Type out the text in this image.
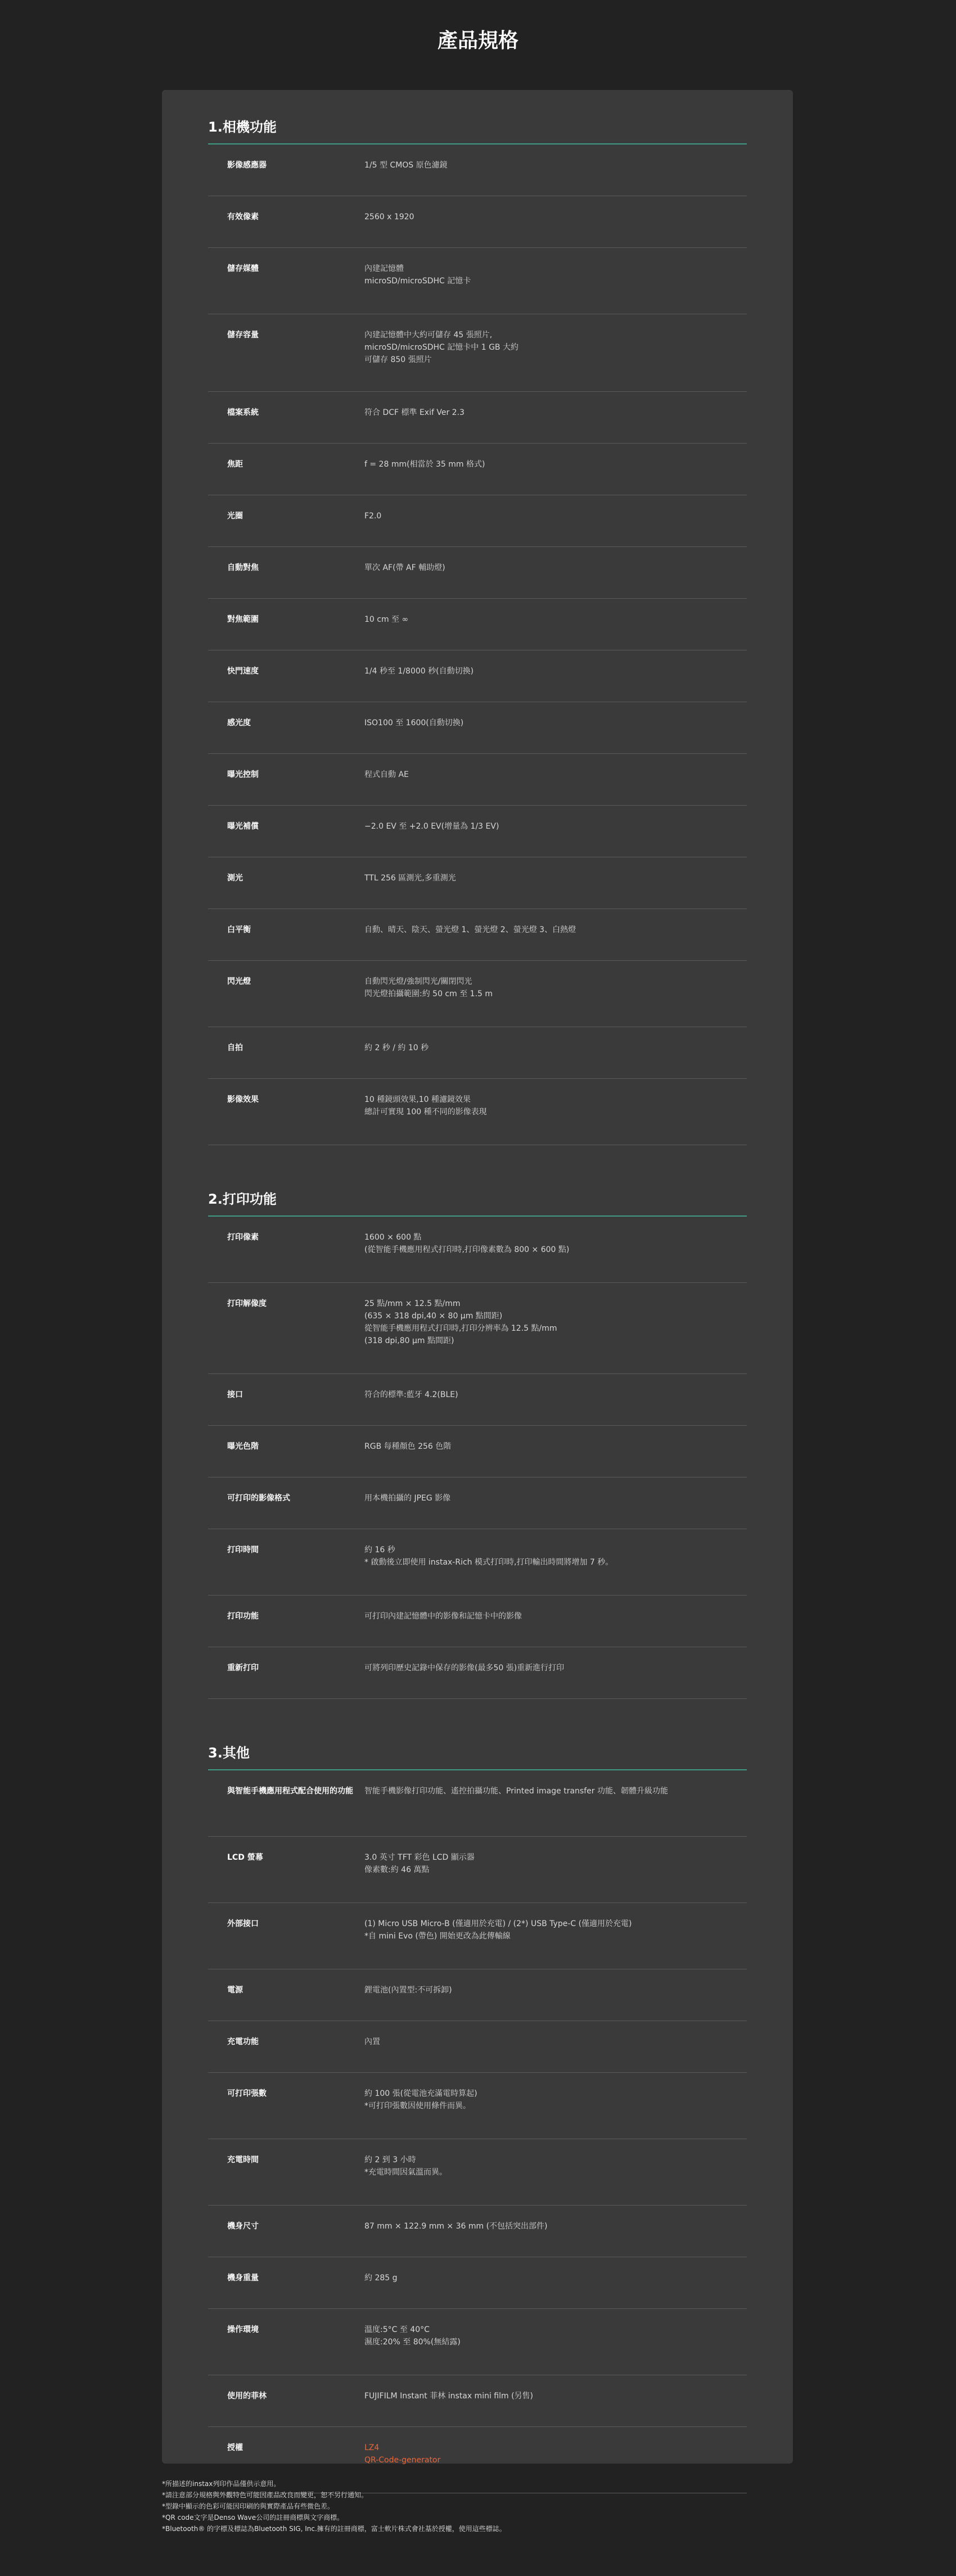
產品規格
1.相機功能
影像感應器	1/5 型 CMOS 原色濾鏡
有效像素	2560 x 1920
儲存媒體	內建記憶體
microSD/microSDHC 記憶卡
儲存容量	內建記憶體中大約可儲存 45 張照片,
microSD/microSDHC 記憶卡中 1 GB 大約
可儲存 850 張照片
檔案系統	符合 DCF 標準 Exif Ver 2.3
焦距	f = 28 mm(相當於 35 mm 格式)
光圈	F2.0
自動對焦	單次 AF(帶 AF 輔助燈)
對焦範圍	10 cm 至 ∞
快門速度	1/4 秒至 1/8000 秒(自動切換)
感光度	ISO100 至 1600(自動切換)
曝光控制	程式自動 AE
曝光補償	−2.0 EV 至 +2.0 EV(增量為 1/3 EV)
測光	TTL 256 區測光,多重測光
白平衡	自動、晴天、陰天、螢光燈 1、螢光燈 2、螢光燈 3、白熱燈
閃光燈	自動閃光燈/強制閃光/關閉閃光
閃光燈拍攝範圍:約 50 cm 至 1.5 m
自拍	約 2 秒 / 約 10 秒
影像效果	10 種鏡頭效果,10 種濾鏡效果
總計可實現 100 種不同的影像表現
2.打印功能
打印像素	1600 × 600 點
(從智能手機應用程式打印時,打印像素數為 800 × 600 點)
打印解像度	25 點/mm × 12.5 點/mm
(635 × 318 dpi,40 × 80 μm 點間距)
從智能手機應用程式打印時,打印分辨率為 12.5 點/mm
(318 dpi,80 μm 點間距)
接口	符合的標準:藍牙 4.2(BLE)
曝光色階	RGB 每種顏色 256 色階
可打印的影像格式	用本機拍攝的 JPEG 影像
打印時間	約 16 秒
* 啟動後立即使用 instax-Rich 模式打印時,打印輸出時間將增加 7 秒。
打印功能	可打印內建記憶體中的影像和記憶卡中的影像
重新打印	可將列印歷史記錄中保存的影像(最多50 張)重新進行打印
3.其他
與智能手機應用程式配合使用的功能	智能手機影像打印功能、遙控拍攝功能、Printed image transfer 功能、韌體升級功能
LCD 螢幕	3.0 英寸 TFT 彩色 LCD 顯示器
像素數:約 46 萬點
外部接口	(1) Micro USB Micro-B (僅適用於充電) / (2*) USB Type-C (僅適用於充電)
*自 mini Evo (帶色) 開始更改為此傳輸線
電源	鋰電池(內置型:不可拆卸)
充電功能	內置
可打印張數	約 100 張(從電池充滿電時算起)
*可打印張數因使用條件而異。
充電時間	約 2 到 3 小時
*充電時間因氣溫而異。
機身尺寸	87 mm × 122.9 mm × 36 mm (不包括突出部件)
機身重量	約 285 g
操作環境	溫度:5°C 至 40°C
濕度:20% 至 80%(無結露)
使用的菲林	FUJIFILM Instant 菲林 instax mini film (另售)
授權	LZ4
QR-Code-generator
*所描述的instax列印作品僅供示意用。
*請注意部分規格與外觀特色可能因產品改良而變更，恕不另行通知。
*型錄中顯示的色彩可能因印刷的與實際產品有些微色差。
*QR code文字是Denso Wave公司的註冊商標與文字商標。
*Bluetooth® 的字標及標誌為Bluetooth SIG, Inc.擁有的註冊商標，富士軟片株式會社基於授權，使用這些標誌。
